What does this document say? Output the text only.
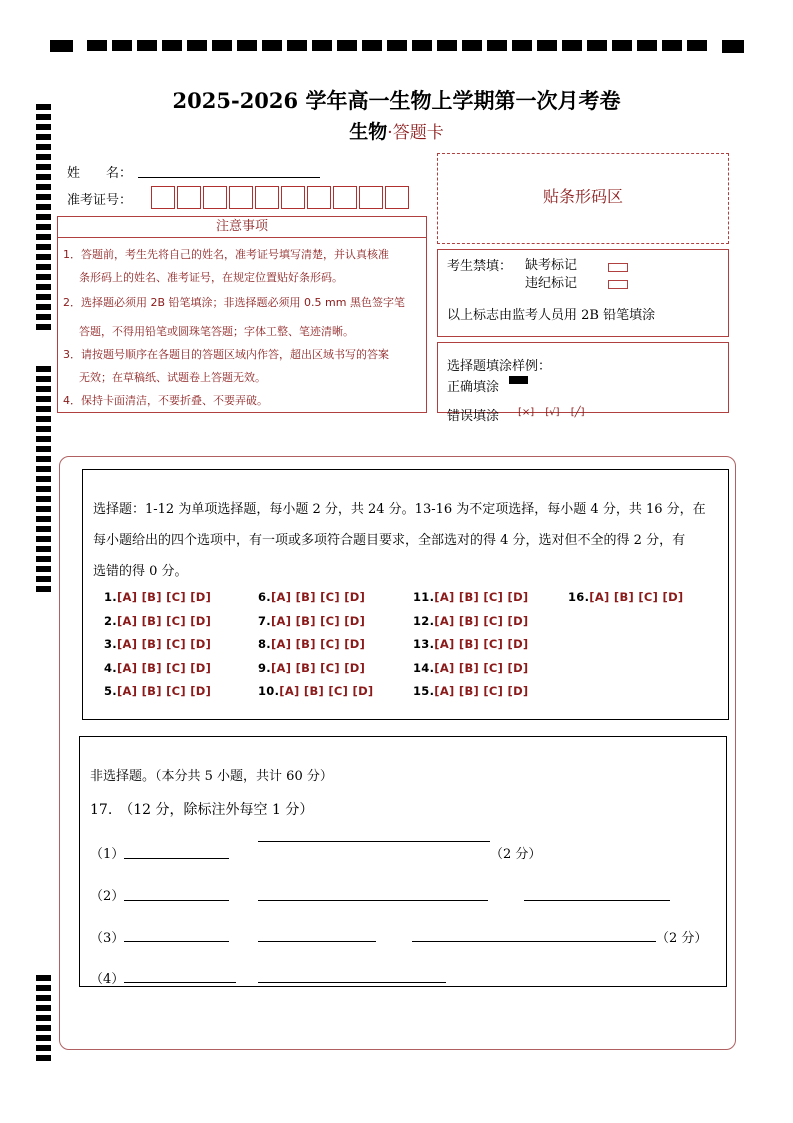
2025-2026 学年高一生物上学期第一次月考卷
生物·答题卡
姓　　名：
准考证号：
注意事项

1．答题前，考生先将自己的姓名，准考证号填写清楚，并认真核准

条形码上的姓名、准考证号，在规定位置贴好条形码。

2．选择题必须用 2B 铅笔填涂；非选择题必须用 0.5 mm 黑色签字笔

答题，不得用铅笔或圆珠笔答题；字体工整、笔迹清晰。

3．请按题号顺序在各题目的答题区域内作答，超出区域书写的答案

无效；在草稿纸、试题卷上答题无效。

4．保持卡面清洁，不要折叠、不要弄破。

贴条形码区
考生禁填： 缺考标记
违纪标记
以上标志由监考人员用 2B 铅笔填涂
选择题填涂样例：
正确填涂
错误填涂 [×] [√] [╱]
选择题：1-12 为单项选择题，每小题 2 分，共 24 分。13-16 为不定项选择，每小题 4 分，共 16 分，在
每小题给出的四个选项中，有一项或多项符合题目要求，全部选对的得 4 分，选对但不全的得 2 分，有
选错的得 0 分。
1.[A] [B] [C] [D]
2.[A] [B] [C] [D]
3.[A] [B] [C] [D]
4.[A] [B] [C] [D]
5.[A] [B] [C] [D]
6.[A] [B] [C] [D]
7.[A] [B] [C] [D]
8.[A] [B] [C] [D]
9.[A] [B] [C] [D]
10.[A] [B] [C] [D]
11.[A] [B] [C] [D]
12.[A] [B] [C] [D]
13.[A] [B] [C] [D]
14.[A] [B] [C] [D]
15.[A] [B] [C] [D]
16.[A] [B] [C] [D]
非选择题。（本分共 5 小题，共计 60 分）
17.　（12 分，除标注外每空 1 分）
（1）	（2 分）
（2）
（3）	（2 分）
（4）
